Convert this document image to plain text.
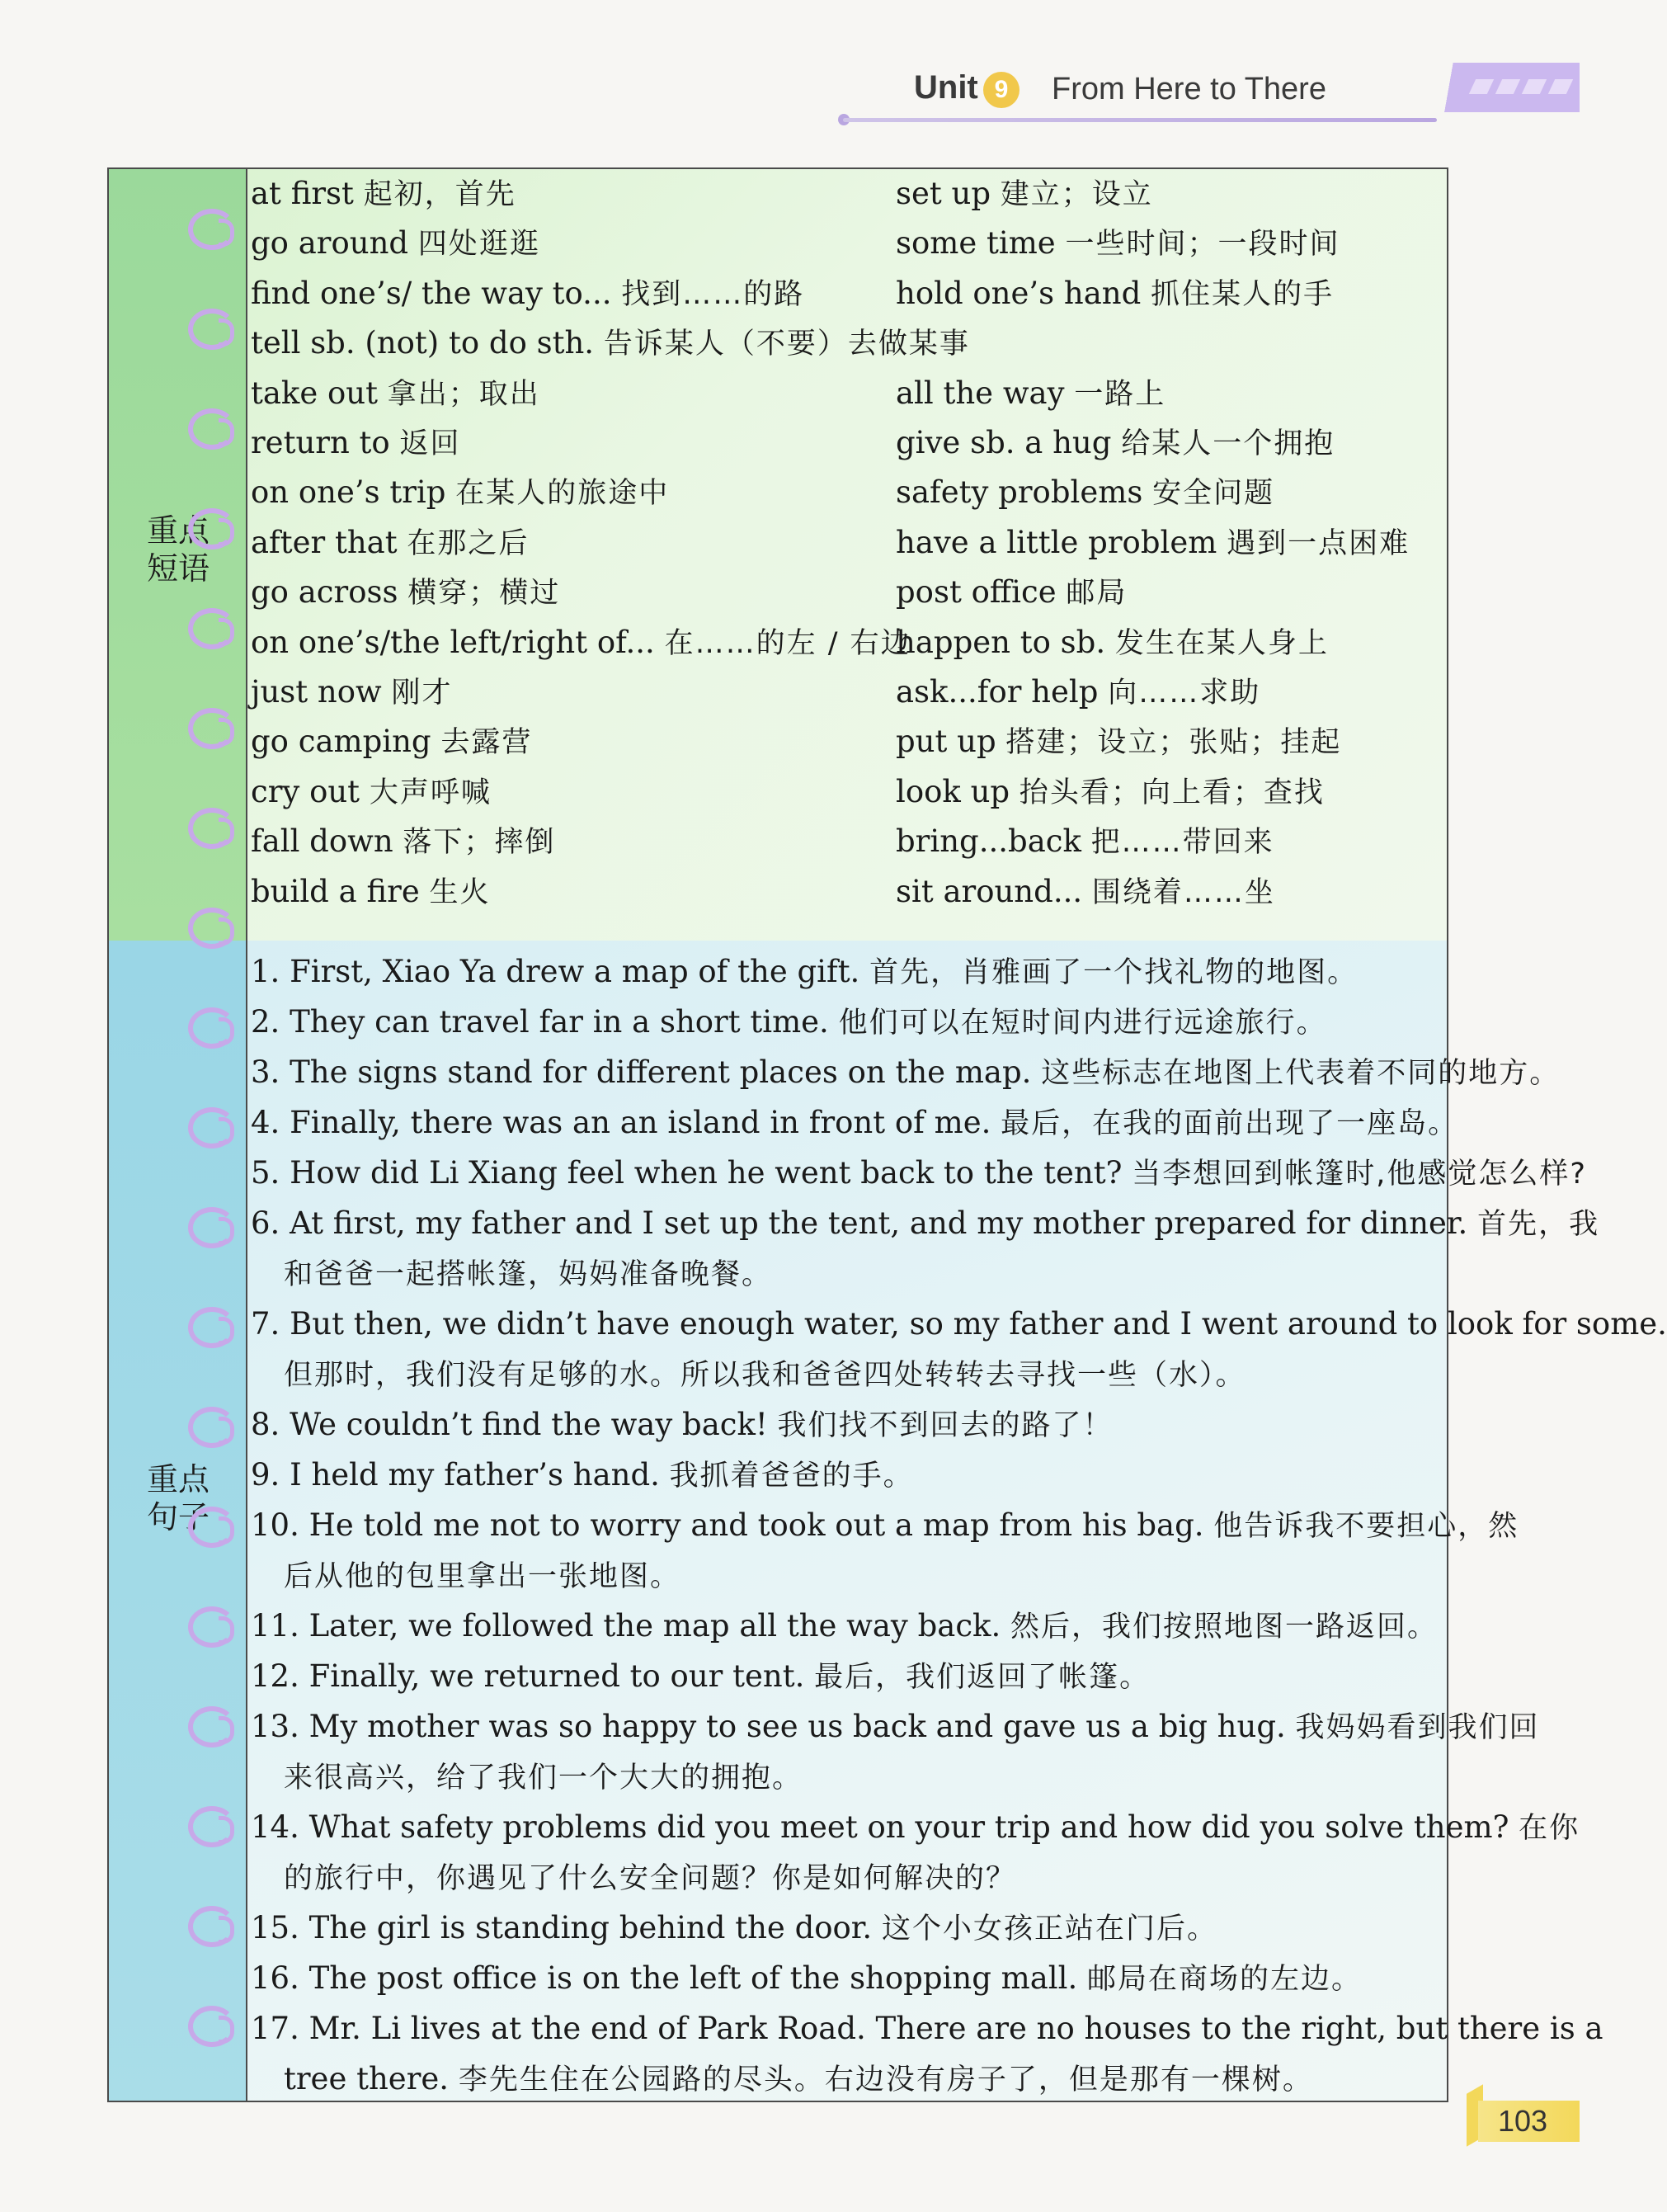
Unit 9	From Here to There
重点
短语
at first 起初，首先
go around 四处逛逛
find one’s/ the way to... 找到……的路
tell sb. (not) to do sth. 告诉某人（不要）去做某事
take out 拿出；取出
return to 返回
on one’s trip 在某人的旅途中
after that 在那之后
go across 横穿；横过
on one’s/the left/right of... 在……的左 / 右边
just now 刚才
go camping 去露营
cry out 大声呼喊
fall down 落下；摔倒
build a fire 生火
set up 建立；设立
some time 一些时间；一段时间
hold one’s hand 抓住某人的手
all the way 一路上
give sb. a hug 给某人一个拥抱
safety problems 安全问题
have a little problem 遇到一点困难
post office 邮局
happen to sb. 发生在某人身上
ask...for help 向……求助
put up 搭建；设立；张贴；挂起
look up 抬头看；向上看；查找
bring...back 把……带回来
sit around... 围绕着……坐
重点
句子
1. First, Xiao Ya drew a map of the gift. 首先，肖雅画了一个找礼物的地图。
2. They can travel far in a short time. 他们可以在短时间内进行远途旅行。
3. The signs stand for different places on the map. 这些标志在地图上代表着不同的地方。
4. Finally, there was an an island in front of me. 最后，在我的面前出现了一座岛。
5. How did Li Xiang feel when he went back to the tent? 当李想回到帐篷时,他感觉怎么样?
6. At first, my father and I set up the tent, and my mother prepared for dinner. 首先，我
和爸爸一起搭帐篷，妈妈准备晚餐。
7. But then, we didn’t have enough water, so my father and I went around to look for some.
但那时，我们没有足够的水。所以我和爸爸四处转转去寻找一些（水）。
8. We couldn’t find the way back! 我们找不到回去的路了！
9. I held my father’s hand. 我抓着爸爸的手。
10. He told me not to worry and took out a map from his bag. 他告诉我不要担心，然
后从他的包里拿出一张地图。
11. Later, we followed the map all the way back. 然后，我们按照地图一路返回。
12. Finally, we returned to our tent. 最后，我们返回了帐篷。
13. My mother was so happy to see us back and gave us a big hug. 我妈妈看到我们回
来很高兴，给了我们一个大大的拥抱。
14. What safety problems did you meet on your trip and how did you solve them? 在你
的旅行中，你遇见了什么安全问题？你是如何解决的？
15. The girl is standing behind the door. 这个小女孩正站在门后。
16. The post office is on the left of the shopping mall. 邮局在商场的左边。
17. Mr. Li lives at the end of Park Road. There are no houses to the right, but there is a
tree there. 李先生住在公园路的尽头。右边没有房子了，但是那有一棵树。
103
